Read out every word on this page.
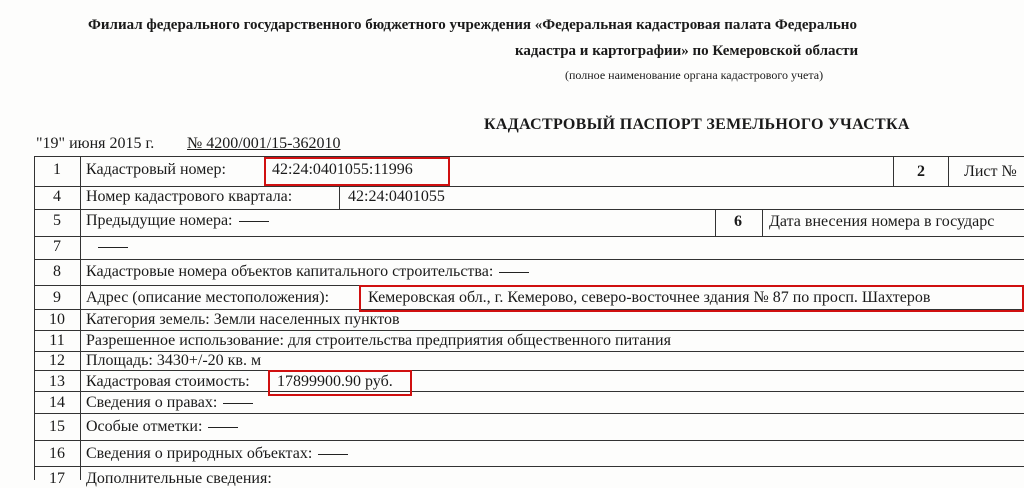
Филиал федерального государственного бюджетного учреждения «Федеральная кадастровая палата Федерально
кадастра и картографии» по Кемеровской области
(полное наименование органа кадастрового учета)
КАДАСТРОВЫЙ ПАСПОРТ ЗЕМЕЛЬНОГО УЧАСТКА
"19" июня 2015 г. № 4200/001/15-362010
1	Кадастровый номер:	42:24:0401055:11996	2	Лист №
4	Номер кадастрового квартала:	42:24:0401055
5	Предыдущие номера:	6	Дата внесения номера в государс
7
8	Кадастровые номера объектов капитального строительства:
9	Адрес (описание местоположения): Кемеровская обл., г. Кемерово, северо-восточнее здания № 87 по просп. Шахтеров
10	Категория земель: Земли населенных пунктов
11	Разрешенное использование: для строительства предприятия общественного питания
12	Площадь: 3430+/-20 кв. м
13	Кадастровая стоимость: 17899900.90 руб.
14	Сведения о правах:
15	Особые отметки:
16	Сведения о природных объектах:
17	Дополнительные сведения:
